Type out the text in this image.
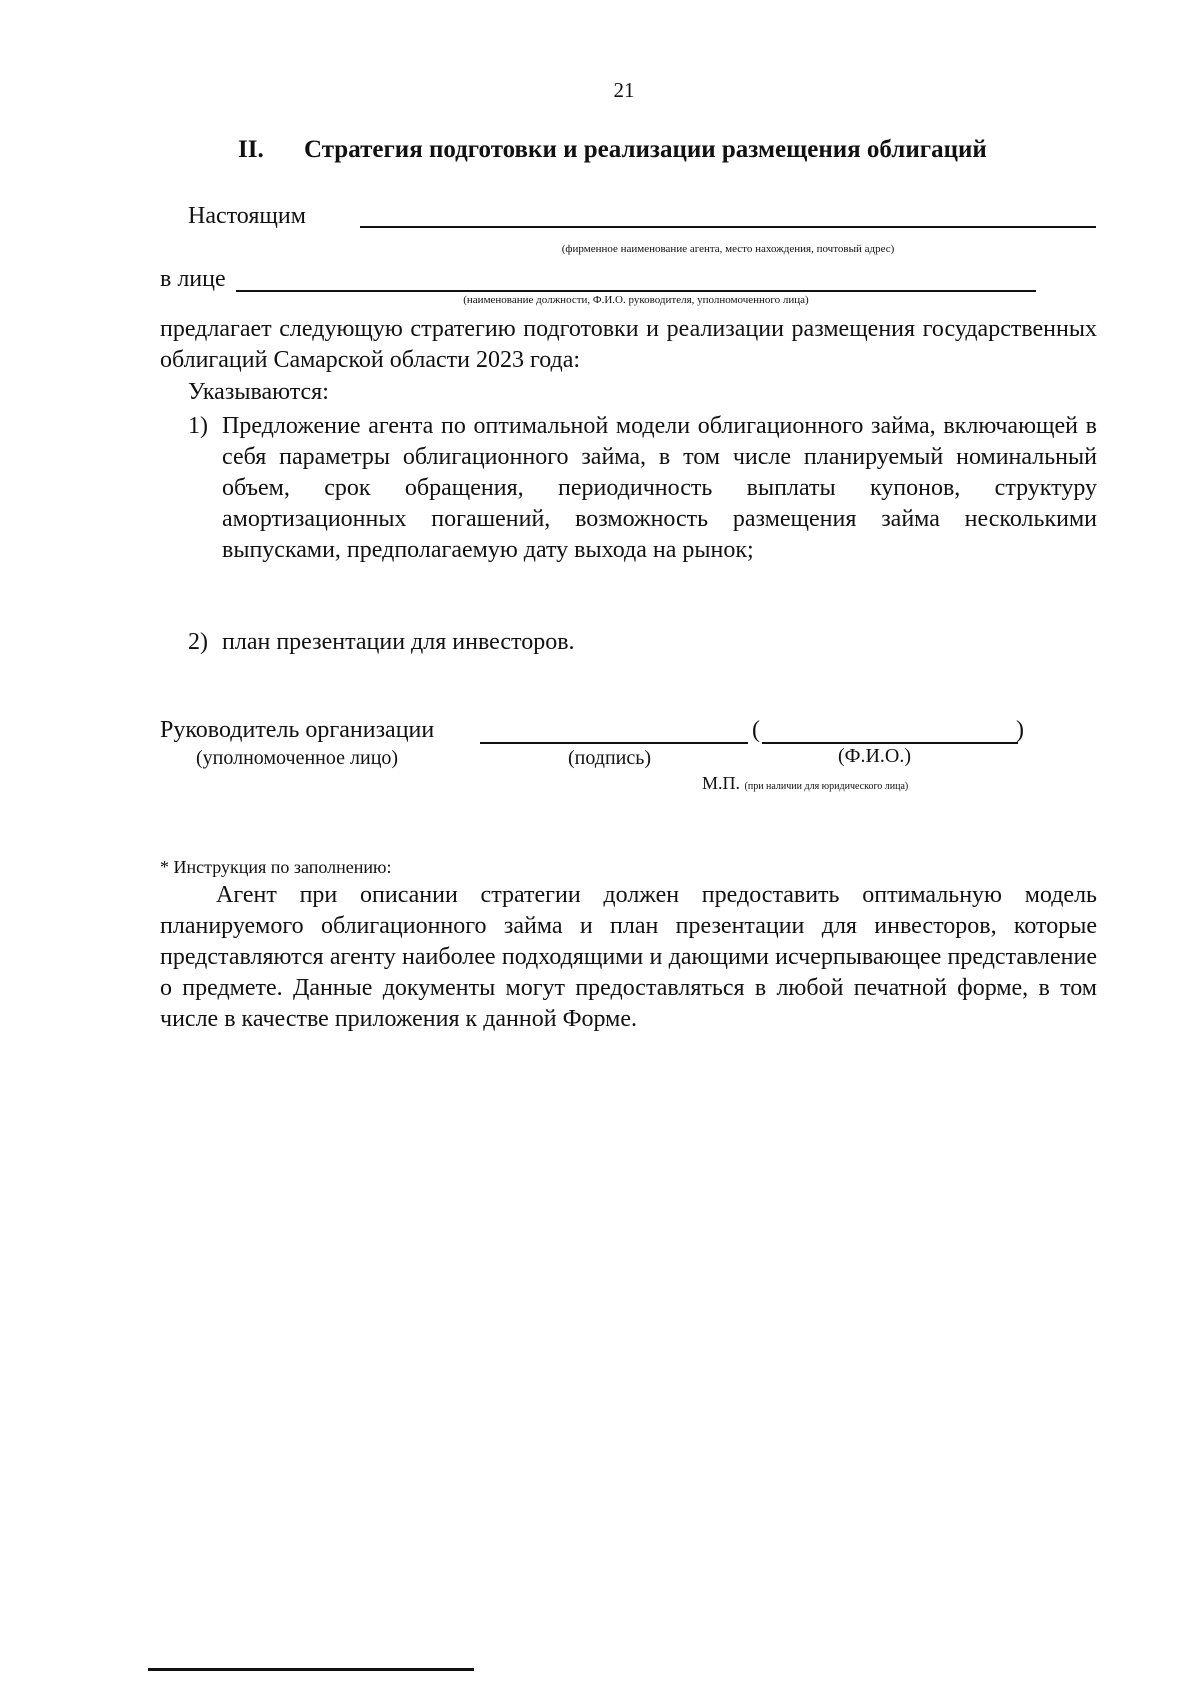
21
II. Стратегия подготовки и реализации размещения облигаций
Настоящим
(фирменное наименование агента, место нахождения, почтовый адрес)
в лице
(наименование должности, Ф.И.О. руководителя, уполномоченного лица)
предлагает следующую стратегию подготовки и реализации размещения государственных облигаций Самарской области 2023 года:
Указываются:
1) Предложение агента по оптимальной модели облигационного займа, включающей в себя параметры облигационного займа, в том числе планируемый номинальный объем, срок обращения, периодичность выплаты купонов, структуру амортизационных погашений, возможность размещения займа несколькими выпусками, предполагаемую дату выхода на рынок;
2) план презентации для инвесторов.
Руководитель организации	(	)
(уполномоченное лицо)	(подпись)	(Ф.И.О.)
М.П. (при наличии для юридического лица)
* Инструкция по заполнению:
Агент при описании стратегии должен предоставить оптимальную модель планируемого облигационного займа и план презентации для инвесторов, которые представляются агенту наиболее подходящими и дающими исчерпывающее представление о предмете. Данные документы могут предоставляться в любой печатной форме, в том числе в качестве приложения к данной Форме.
